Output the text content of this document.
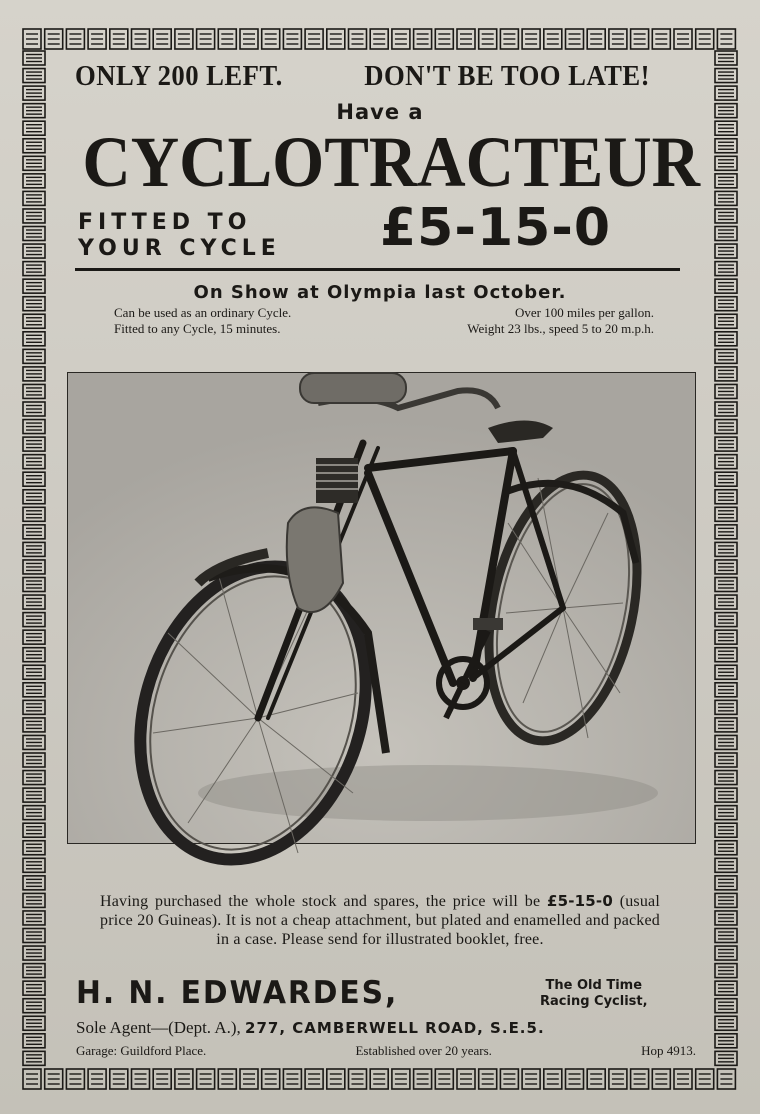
ONLY 200 LEFT.	DON'T BE TOO LATE!
Have a
CYCLOTRACTEUR
FITTED TO
YOUR CYCLE £5-15-0
On Show at Olympia last October.
Can be used as an ordinary Cycle.	Over 100 miles per gallon.
Fitted to any Cycle, 15 minutes.	Weight 23 lbs., speed 5 to 20 m.p.h.
Having purchased the whole stock and spares, the price will be £5-15-0 (usual price 20 Guineas). It is not a cheap attachment, but plated and enamelled and packed in a case. Please send for illustrated booklet, free.
H. N. EDWARDES,	The Old Time
Racing Cyclist,
Sole Agent—(Dept. A.), 277, CAMBERWELL ROAD, S.E.5.
Garage: Guildford Place.	Established over 20 years.	Hop 4913.
